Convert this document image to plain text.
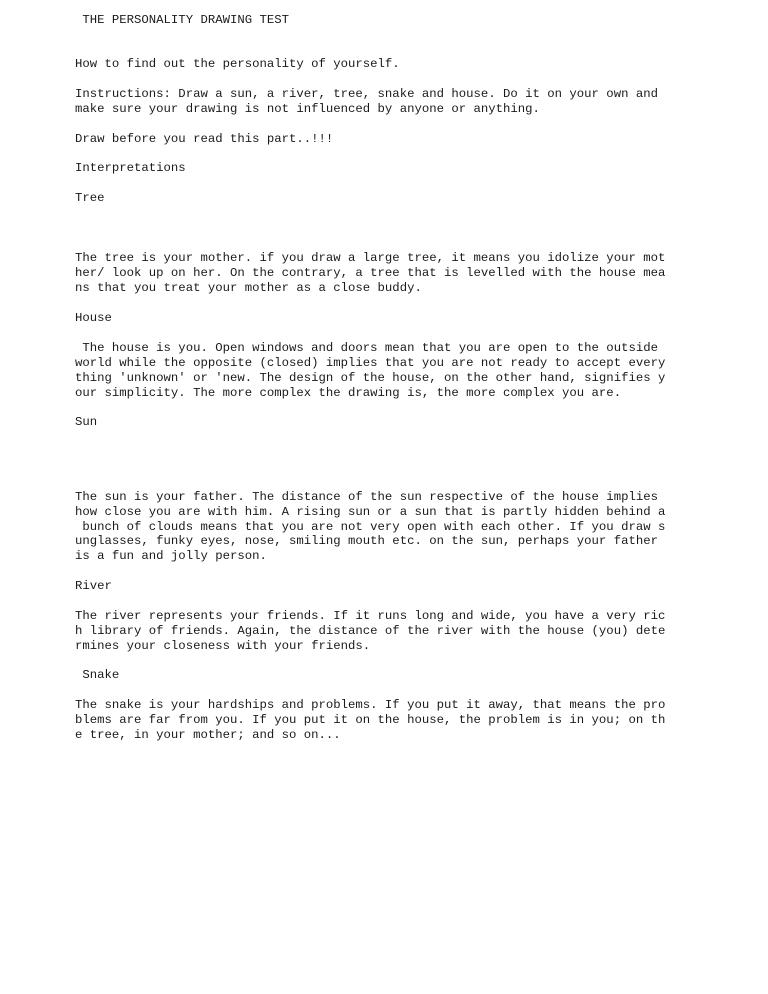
THE PERSONALITY DRAWING TEST

How to find out the personality of yourself.

Instructions: Draw a sun, a river, tree, snake and house. Do it on your own and

make sure your drawing is not influenced by anyone or anything.

Draw before you read this part..!!!

Interpretations

Tree

The tree is your mother. if you draw a large tree, it means you idolize your mot

her/ look up on her. On the contrary, a tree that is levelled with the house mea

ns that you treat your mother as a close buddy.

House

The house is you. Open windows and doors mean that you are open to the outside

world while the opposite (closed) implies that you are not ready to accept every

thing 'unknown' or 'new. The design of the house, on the other hand, signifies y

our simplicity. The more complex the drawing is, the more complex you are.

Sun

The sun is your father. The distance of the sun respective of the house implies

how close you are with him. A rising sun or a sun that is partly hidden behind a

bunch of clouds means that you are not very open with each other. If you draw s

unglasses, funky eyes, nose, smiling mouth etc. on the sun, perhaps your father

is a fun and jolly person.

River

The river represents your friends. If it runs long and wide, you have a very ric

h library of friends. Again, the distance of the river with the house (you) dete

rmines your closeness with your friends.

Snake

The snake is your hardships and problems. If you put it away, that means the pro

blems are far from you. If you put it on the house, the problem is in you; on th

e tree, in your mother; and so on...
